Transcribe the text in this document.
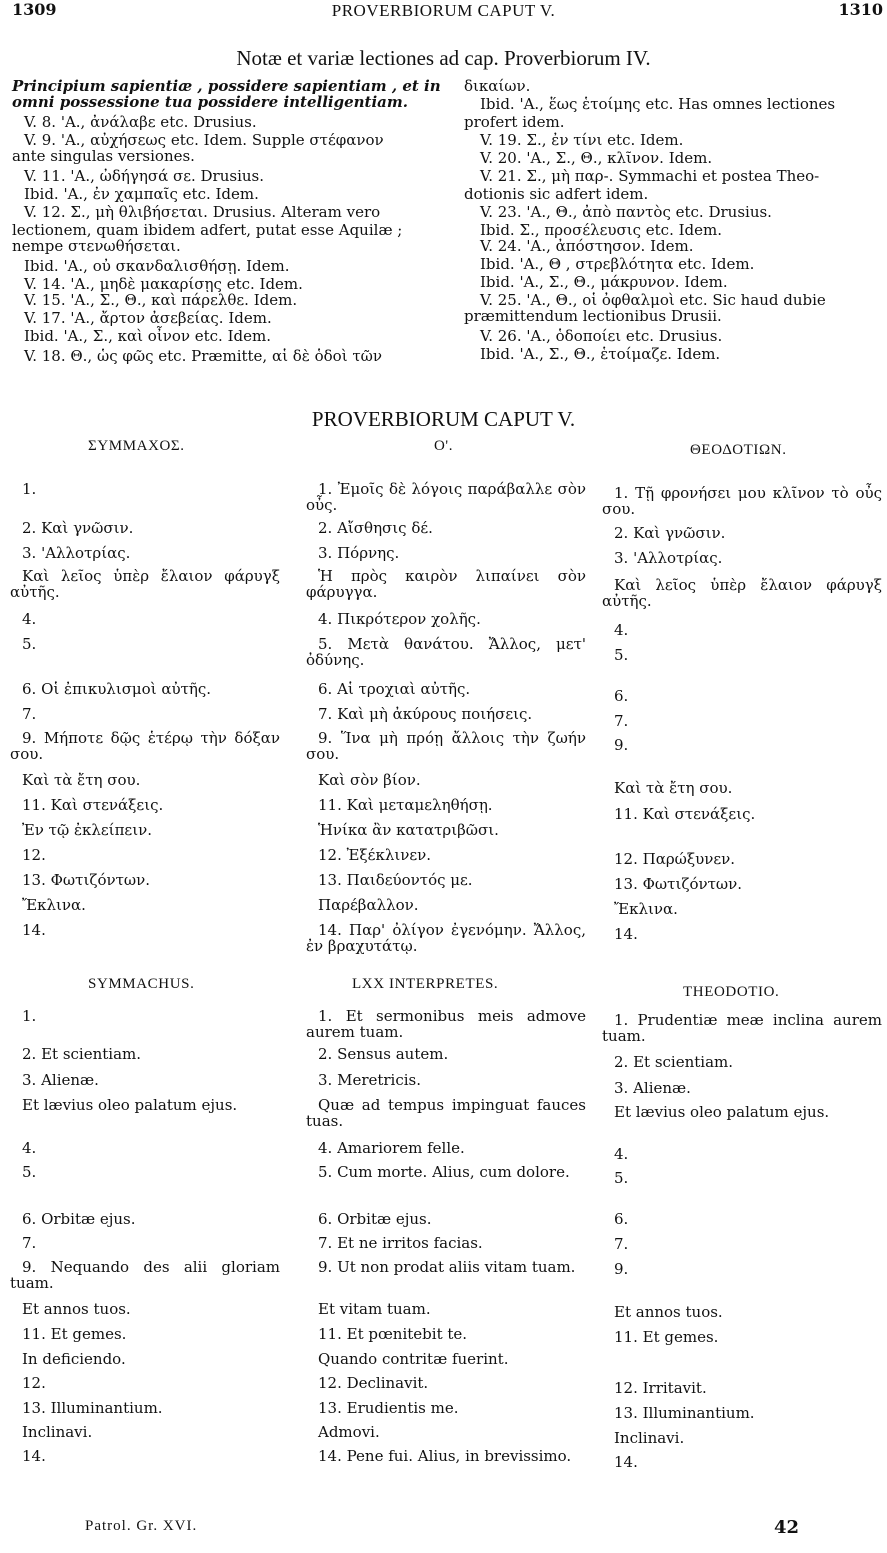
1309	PROVERBIORUM CAPUT V.	1310
Notæ et variæ lectiones ad cap. Proverbiorum IV.
Principium sapientiæ , possidere sapientiam , et in
omni possessione tua possidere intelligentiam.
V. 8. 'Α., ἀνάλαβε etc. Drusius.
V. 9. 'Α., αὐχήσεως etc. Idem. Supple στέφανον
ante singulas versiones.
V. 11. 'Α., ὠδήγησά σε. Drusius.
Ibid. 'Α., ἐν χαμπαῖς etc. Idem.
V. 12. Σ., μὴ θλιβήσεται. Drusius. Alteram vero
lectionem, quam ibidem adfert, putat esse Aquilæ ;
nempe στενωθήσεται.
Ibid. 'Α., οὐ σκανδαλισθήσῃ. Idem.
V. 14. 'Α., μηδὲ μακαρίσῃς etc. Idem.
V. 15. 'Α., Σ., Θ., καὶ πάρελθε. Idem.
V. 17. 'Α., ἄρτον ἀσεβείας. Idem.
Ibid. 'Α., Σ., καὶ οἶνον etc. Idem.
V. 18. Θ., ὡς φῶς etc. Præmitte, αἱ δὲ ὁδοὶ τῶν
δικαίων.
Ibid. 'Α., ἕως ἑτοίμης etc. Has omnes lectiones
profert idem.
V. 19. Σ., ἐν τίνι etc. Idem.
V. 20. 'Α., Σ., Θ., κλῖνον. Idem.
V. 21. Σ., μὴ παρ-. Symmachi et postea Theo-
dotionis sic adfert idem.
V. 23. 'Α., Θ., ἀπὸ παντὸς etc. Drusius.
Ibid. Σ., προσέλευσις etc. Idem.
V. 24. 'Α., ἀπόστησον. Idem.
Ibid. 'Α., Θ , στρεβλότητα etc. Idem.
Ibid. 'Α., Σ., Θ., μάκρυνον. Idem.
V. 25. 'Α., Θ., οἱ ὀφθαλμοὶ etc. Sic haud dubie
præmittendum lectionibus Drusii.
V. 26. 'Α., ὁδοποίει etc. Drusius.
Ibid. 'Α., Σ., Θ., ἑτοίμαζε. Idem.
PROVERBIORUM CAPUT V.
ΣΥΜΜΑΧΟΣ.	Ο'.	ΘΕΟΔΟΤΙΩΝ.
SYMMACHUS.	LXX INTERPRETES.	THEODOTIO.
1.
2. Καὶ γνῶσιν.
3. 'Αλλοτρίας.
Καὶ λεῖος ὑπὲρ ἔλαιον φάρυγξ αὐτῆς.
4.
5.
6. Οἱ ἐπικυλισμοὶ αὐτῆς.
7.
9. Μήποτε δῷς ἑτέρῳ τὴν δόξαν σου.
Καὶ τὰ ἔτη σου.
11. Καὶ στενάξεις.
Ἐν τῷ ἐκλείπειν.
12.
13. Φωτιζόντων.
Ἔκλινα.
14.
1. Ἐμοῖς δὲ λόγοις παράβαλλε σὸν οὖς.
2. Αἴσθησις δέ.
3. Πόρνης.
Ἡ πρὸς καιρὸν λιπαίνει σὸν φάρυγγα.
4. Πικρότερον χολῆς.
5. Μετὰ θανάτου. Ἄλλος, μετ' ὀδύνης.
6. Αἱ τροχιαὶ αὐτῆς.
7. Καὶ μὴ ἀκύρους ποιήσεις.
9. Ἵνα μὴ πρόῃ ἄλλοις τὴν ζωήν σου.
Καὶ σὸν βίον.
11. Καὶ μεταμεληθήσῃ.
Ἡνίκα ἂν κατατριβῶσι.
12. Ἐξέκλινεν.
13. Παιδεύοντός με.
Παρέβαλλον.
14. Παρ' ὀλίγον ἐγενόμην. Ἄλλος, ἐν βραχυτάτῳ.
1. Τῇ φρονήσει μου κλῖνον τὸ οὖς σου.
2. Καὶ γνῶσιν.
3. 'Αλλοτρίας.
Καὶ λεῖος ὑπὲρ ἔλαιον φάρυγξ αὐτῆς.
4.
5.
6.
7.
9.
Καὶ τὰ ἔτη σου.
11. Καὶ στενάξεις.
12. Παρώξυνεν.
13. Φωτιζόντων.
Ἔκλινα.
14.
1.
2. Et scientiam.
3. Alienæ.
Et lævius oleo palatum ejus.
4.
5.
6. Orbitæ ejus.
7.
9. Nequando des alii gloriam tuam.
Et annos tuos.
11. Et gemes.
In deficiendo.
12.
13. Illuminantium.
Inclinavi.
14.
1. Et sermonibus meis admove aurem tuam.
2. Sensus autem.
3. Meretricis.
Quæ ad tempus impinguat fauces tuas.
4. Amariorem felle.
5. Cum morte. Alius, cum dolore.
6. Orbitæ ejus.
7. Et ne irritos facias.
9. Ut non prodat aliis vitam tuam.
Et vitam tuam.
11. Et pœnitebit te.
Quando contritæ fuerint.
12. Declinavit.
13. Erudientis me.
Admovi.
14. Pene fui. Alius, in brevissimo.
1. Prudentiæ meæ inclina aurem tuam.
2. Et scientiam.
3. Alienæ.
Et lævius oleo palatum ejus.
4.
5.
6.
7.
9.
Et annos tuos.
11. Et gemes.
12. Irritavit.
13. Illuminantium.
Inclinavi.
14.
Patrol. Gr. XVI.	42
